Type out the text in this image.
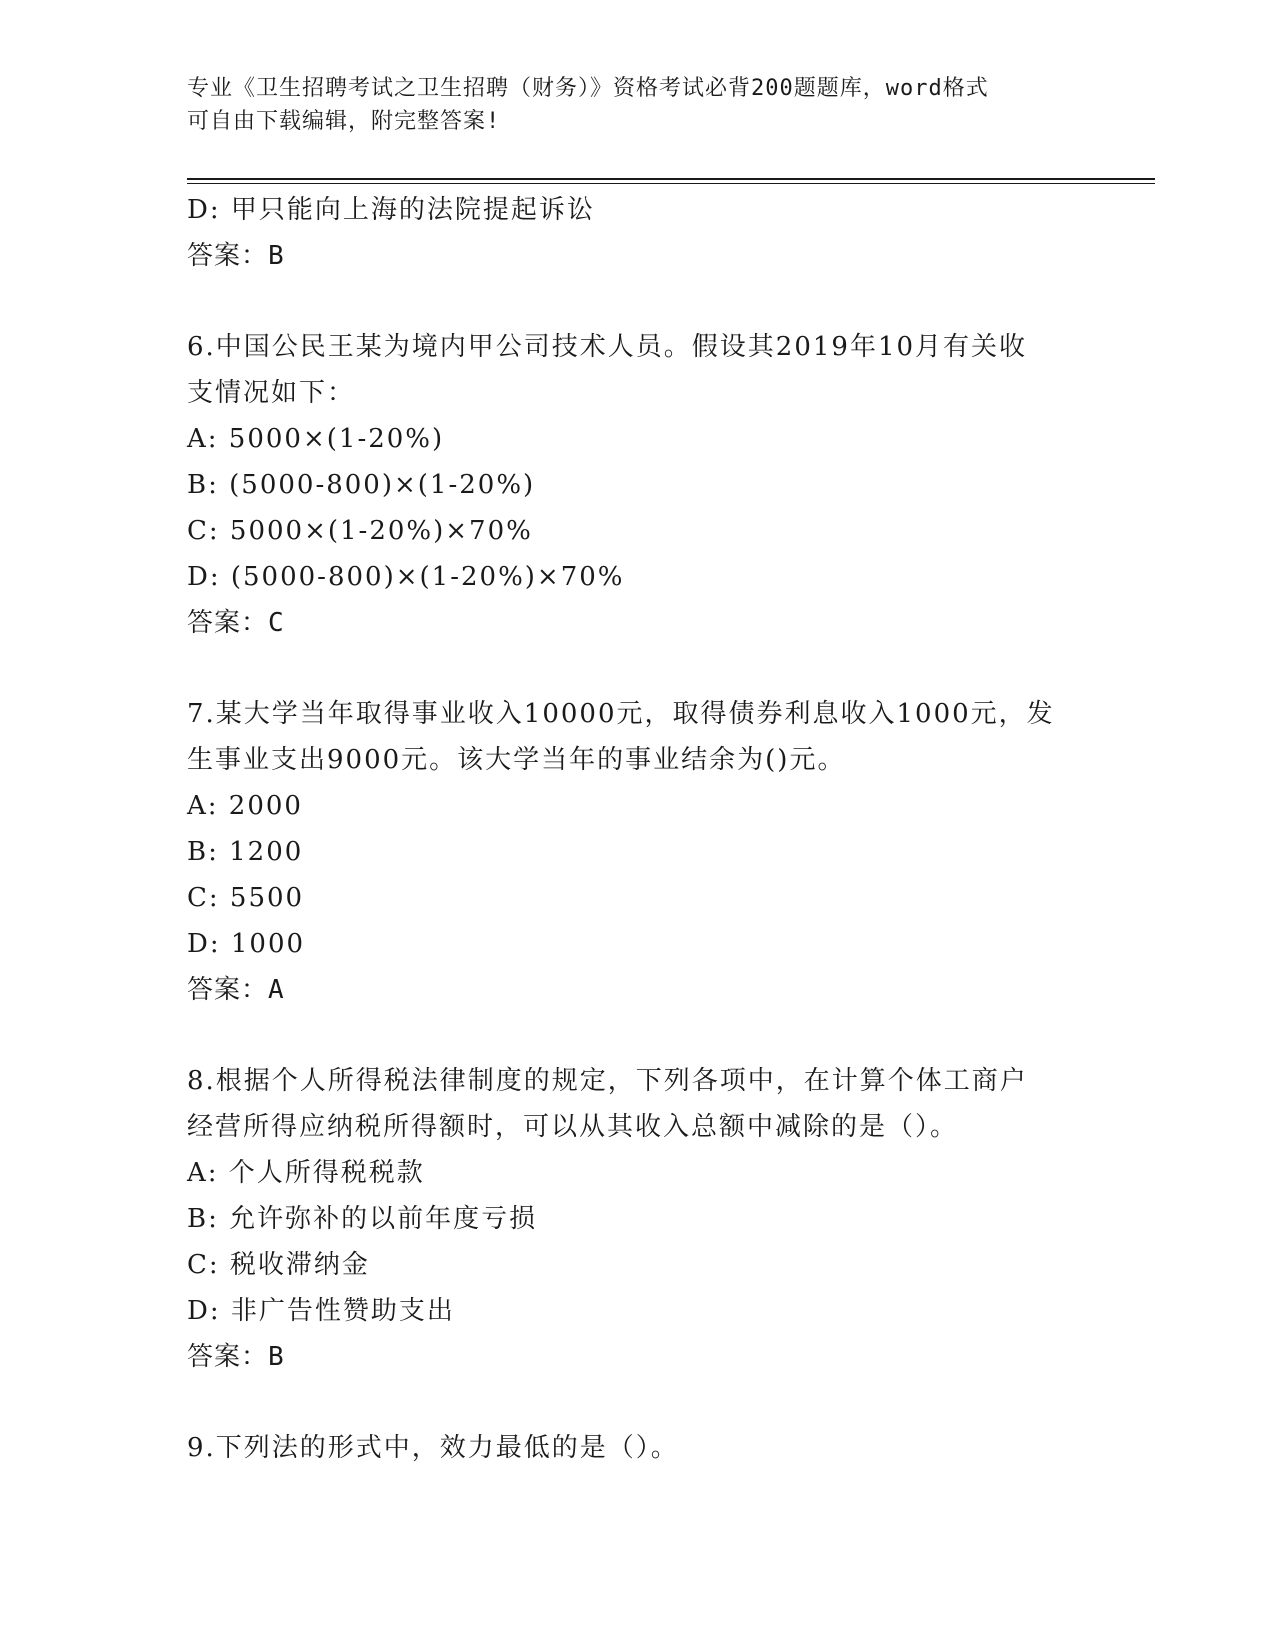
专业《卫生招聘考试之卫生招聘（财务）》资格考试必背200题题库，word格式
可自由下载编辑，附完整答案!
D: 甲只能向上海的法院提起诉讼
答案：B
6.中国公民王某为境内甲公司技术人员。假设其2019年10月有关收
支情况如下：
A: 5000×(1-20%)
B: (5000-800)×(1-20%)
C: 5000×(1-20%)×70%
D: (5000-800)×(1-20%)×70%
答案：C
7.某大学当年取得事业收入10000元，取得债券利息收入1000元，发
生事业支出9000元。该大学当年的事业结余为()元。
A: 2000
B: 1200
C: 5500
D: 1000
答案：A
8.根据个人所得税法律制度的规定，下列各项中，在计算个体工商户
经营所得应纳税所得额时，可以从其收入总额中减除的是（）。
A: 个人所得税税款
B: 允许弥补的以前年度亏损
C: 税收滞纳金
D: 非广告性赞助支出
答案：B
9.下列法的形式中，效力最低的是（）。
